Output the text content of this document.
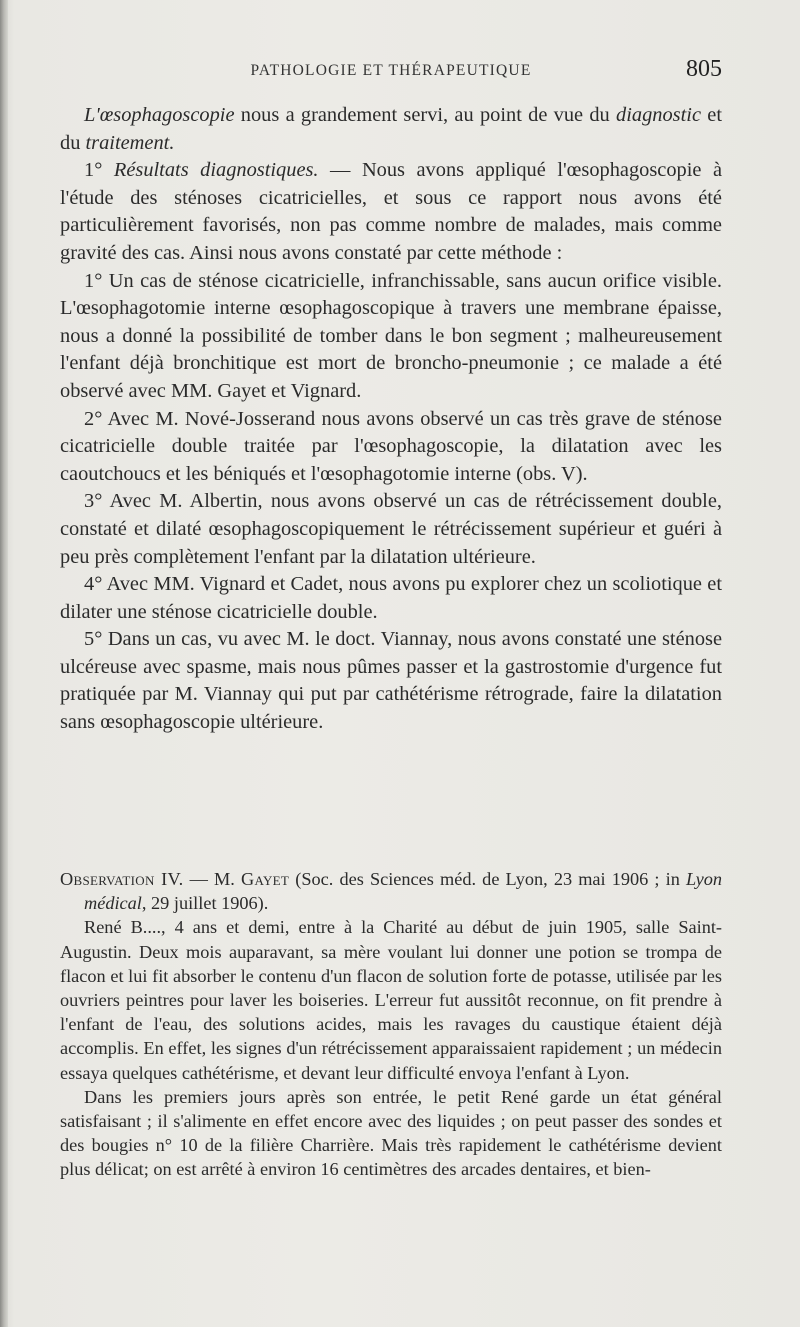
PATHOLOGIE ET THÉRAPEUTIQUE	805

L'œsophagoscopie nous a grandement servi, au point de vue du diagnostic et du traitement.

1° Résultats diagnostiques. — Nous avons appliqué l'œsophagoscopie à l'étude des sténoses cicatricielles, et sous ce rapport nous avons été particulièrement favorisés, non pas comme nombre de malades, mais comme gravité des cas. Ainsi nous avons constaté par cette méthode :

1° Un cas de sténose cicatricielle, infranchissable, sans aucun orifice visible. L'œsophagotomie interne œsophagoscopique à travers une membrane épaisse, nous a donné la possibilité de tomber dans le bon segment ; malheureusement l'enfant déjà bronchitique est mort de broncho-pneumonie ; ce malade a été observé avec MM. Gayet et Vignard.

2° Avec M. Nové-Josserand nous avons observé un cas très grave de sténose cicatricielle double traitée par l'œsophagoscopie, la dilatation avec les caoutchoucs et les béniqués et l'œsophagotomie interne (obs. V).

3° Avec M. Albertin, nous avons observé un cas de rétrécissement double, constaté et dilaté œsophagoscopiquement le rétrécissement supérieur et guéri à peu près complètement l'enfant par la dilatation ultérieure.

4° Avec MM. Vignard et Cadet, nous avons pu explorer chez un scoliotique et dilater une sténose cicatricielle double.

5° Dans un cas, vu avec M. le doct. Viannay, nous avons constaté une sténose ulcéreuse avec spasme, mais nous pûmes passer et la gastrostomie d'urgence fut pratiquée par M. Viannay qui put par cathétérisme rétrograde, faire la dilatation sans œsophagoscopie ultérieure.

Observation IV. — M. Gayet (Soc. des Sciences méd. de Lyon, 23 mai 1906 ; in Lyon médical, 29 juillet 1906).

René B...., 4 ans et demi, entre à la Charité au début de juin 1905, salle Saint-Augustin. Deux mois auparavant, sa mère voulant lui donner une potion se trompa de flacon et lui fit absorber le contenu d'un flacon de solution forte de potasse, utilisée par les ouvriers peintres pour laver les boiseries. L'erreur fut aussitôt reconnue, on fit prendre à l'enfant de l'eau, des solutions acides, mais les ravages du caustique étaient déjà accomplis. En effet, les signes d'un rétrécissement apparaissaient rapidement ; un médecin essaya quelques cathétérisme, et devant leur difficulté envoya l'enfant à Lyon.

Dans les premiers jours après son entrée, le petit René garde un état général satisfaisant ; il s'alimente en effet encore avec des liquides ; on peut passer des sondes et des bougies n° 10 de la filière Charrière. Mais très rapidement le cathétérisme devient plus délicat; on est arrêté à environ 16 centimètres des arcades dentaires, et bien-
